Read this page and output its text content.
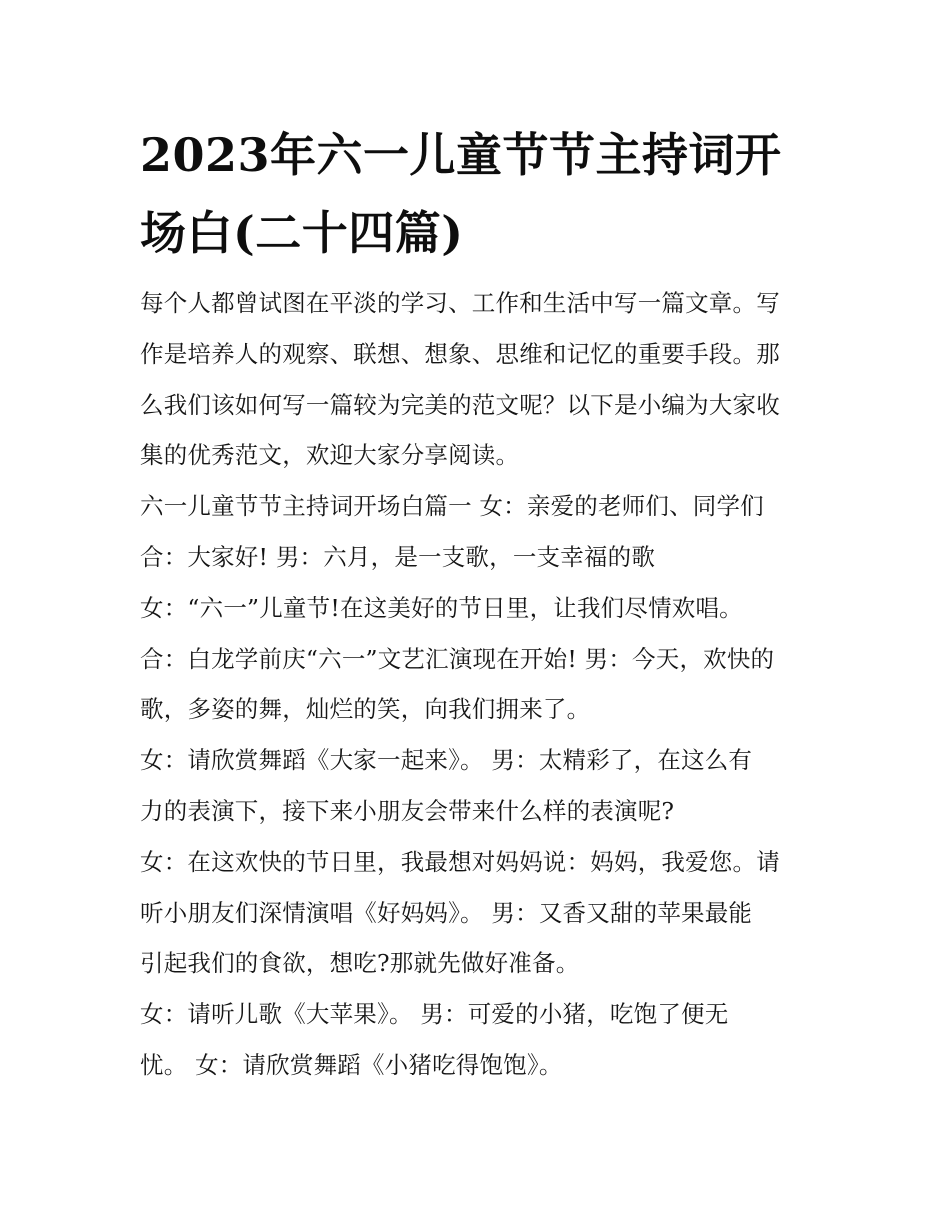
2023年六一儿童节节主持词开
场白(二十四篇)
每个人都曾试图在平淡的学习、工作和生活中写一篇文章。写
作是培养人的观察、联想、想象、思维和记忆的重要手段。那
么我们该如何写一篇较为完美的范文呢？以下是小编为大家收
集的优秀范文，欢迎大家分享阅读。
六一儿童节节主持词开场白篇一 女：亲爱的老师们、同学们
合：大家好! 男：六月，是一支歌，一支幸福的歌
女：“六一”儿童节!在这美好的节日里，让我们尽情欢唱。
合：白龙学前庆“六一”文艺汇演现在开始! 男：今天，欢快的
歌，多姿的舞，灿烂的笑，向我们拥来了。
女：请欣赏舞蹈《大家一起来》。 男：太精彩了，在这么有
力的表演下，接下来小朋友会带来什么样的表演呢?
女：在这欢快的节日里，我最想对妈妈说：妈妈，我爱您。请
听小朋友们深情演唱《好妈妈》。 男：又香又甜的苹果最能
引起我们的食欲，想吃?那就先做好准备。
女：请听儿歌《大苹果》。 男：可爱的小猪，吃饱了便无
忧。 女：请欣赏舞蹈《小猪吃得饱饱》。
